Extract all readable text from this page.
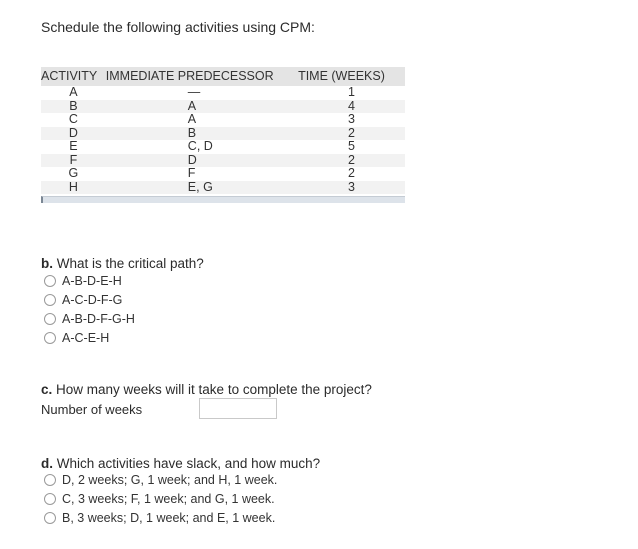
Schedule the following activities using CPM:
ACTIVITY	IMMEDIATE PREDECESSOR	TIME (WEEKS)
A	—	1
B	A	4
C	A	3
D	B	2
E	C, D	5
F	D	2
G	F	2
H	E, G	3
b. What is the critical path?
A-B-D-E-H
A-C-D-F-G
A-B-D-F-G-H
A-C-E-H
c. How many weeks will it take to complete the project?
Number of weeks
d. Which activities have slack, and how much?
D, 2 weeks; G, 1 week; and H, 1 week.
C, 3 weeks; F, 1 week; and G, 1 week.
B, 3 weeks; D, 1 week; and E, 1 week.
